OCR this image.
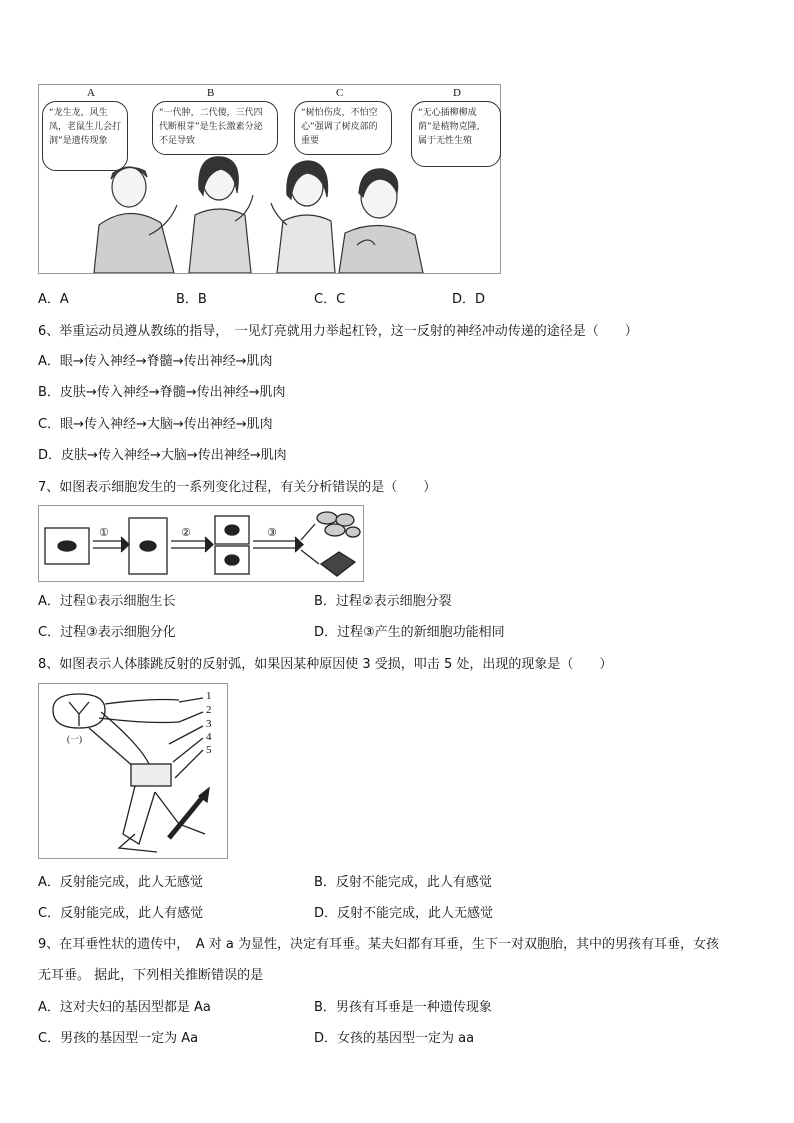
A	B	C	D
“龙生龙，风生凤，老鼠生儿会打洞”是遗传现象
“一代肿，二代傻，三代四代断根芽”是生长激素分泌不足导致
“树怕伤皮，不怕空心”强调了树皮部的重要
“无心插柳柳成荫”是植物克隆，属于无性生殖
A．A	B．B	C．C	D．D
6、举重运动员遵从教练的指导，　一见灯亮就用力举起杠铃，这一反射的神经冲动传递的途径是（　　）
A．眼→传入神经→脊髓→传出神经→肌肉
B．皮肤→传入神经→脊髓→传出神经→肌肉
C．眼→传入神经→大脑→传出神经→肌肉
D．皮肤→传入神经→大脑→传出神经→肌肉
7、如图表示细胞发生的一系列变化过程，有关分析错误的是（　　）
①	②	③
A．过程①表示细胞生长	B．过程②表示细胞分裂
C．过程③表示细胞分化	D．过程③产生的新细胞功能相同
8、如图表示人体膝跳反射的反射弧，如果因某种原因使 3 受损，叩击 5 处，出现的现象是（　　）
1
2
3
4
5
(一)
A．反射能完成，此人无感觉	B．反射不能完成，此人有感觉
C．反射能完成，此人有感觉	D．反射不能完成，此人无感觉
9、在耳垂性状的遗传中，　A 对 a 为显性，决定有耳垂。某夫妇都有耳垂，生下一对双胞胎，其中的男孩有耳垂，女孩
无耳垂。 据此，下列相关推断错误的是
A．这对夫妇的基因型都是 Aa	B．男孩有耳垂是一种遗传现象
C．男孩的基因型一定为 Aa	D．女孩的基因型一定为 aa
